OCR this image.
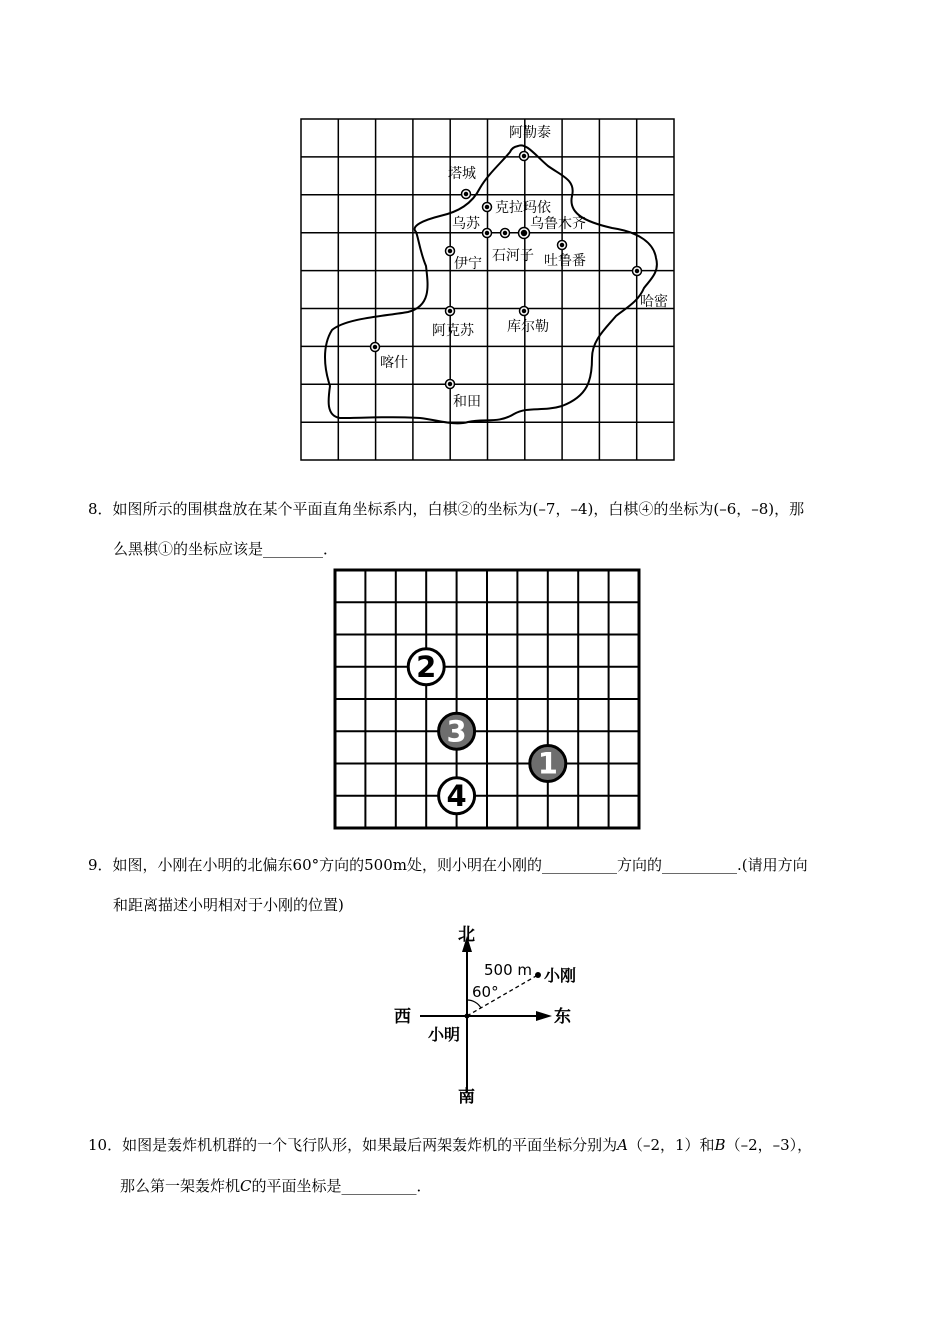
阿勒泰
塔城
克拉玛依
乌苏	乌鲁木齐
伊宁 石河子 吐鲁番
哈密
阿克苏 库尔勒
喀什
和田
8．如图所示的围棋盘放在某个平面直角坐标系内，白棋②的坐标为(–7，–4)，白棋④的坐标为(–6，–8)，那
么黑棋①的坐标应该是________．
2
3
1
4
9．如图，小刚在小明的北偏东60°方向的500m处，则小明在小刚的__________方向的__________.(请用方向
和距离描述小明相对于小刚的位置)
北
南
西	东
小明
小刚
500 m
60°
10．如图是轰炸机机群的一个飞行队形，如果最后两架轰炸机的平面坐标分别为A（–2，1）和B（–2，–3），
那么第一架轰炸机C的平面坐标是__________．
